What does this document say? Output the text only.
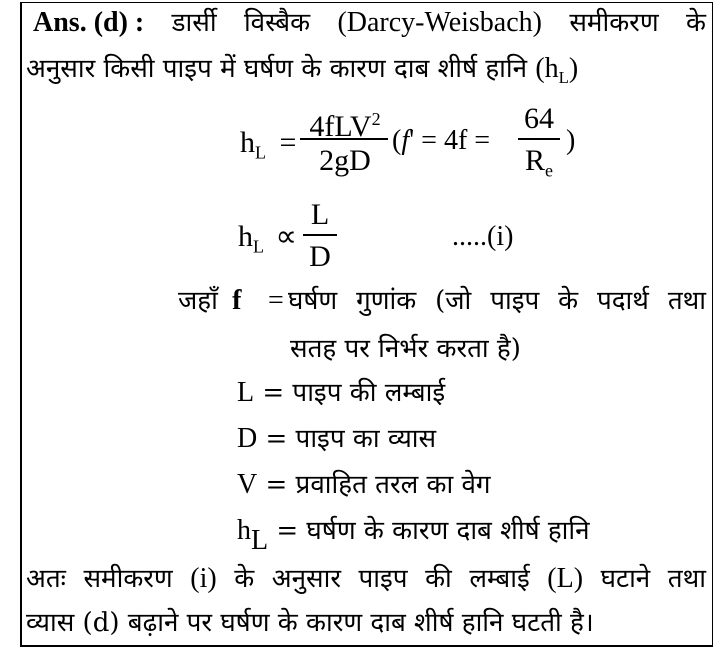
Ans. (d) : डार्सी विस्बैक (Darcy-Weisbach) समीकरण के
अनुसार किसी पाइप में घर्षण के कारण दाब शीर्ष हानि $(h_L)$
$h_L = 4fLV^2$
2gD
(f' = 4f =
64
$R_e$
)
$h_L$ ∝
L
D
.....(i)
जहाँ f = घर्षण गुणांक (जो पाइप के पदार्थ तथा
सतह पर निर्भर करता है)
L = पाइप की लम्बाई
D = पाइप का व्यास
V = प्रवाहित तरल का वेग
$h_L$ = घर्षण के कारण दाब शीर्ष हानि
अतः समीकरण (i) के अनुसार पाइप की लम्बाई (L) घटाने तथा
व्यास (d) बढ़ाने पर घर्षण के कारण दाब शीर्ष हानि घटती है।
